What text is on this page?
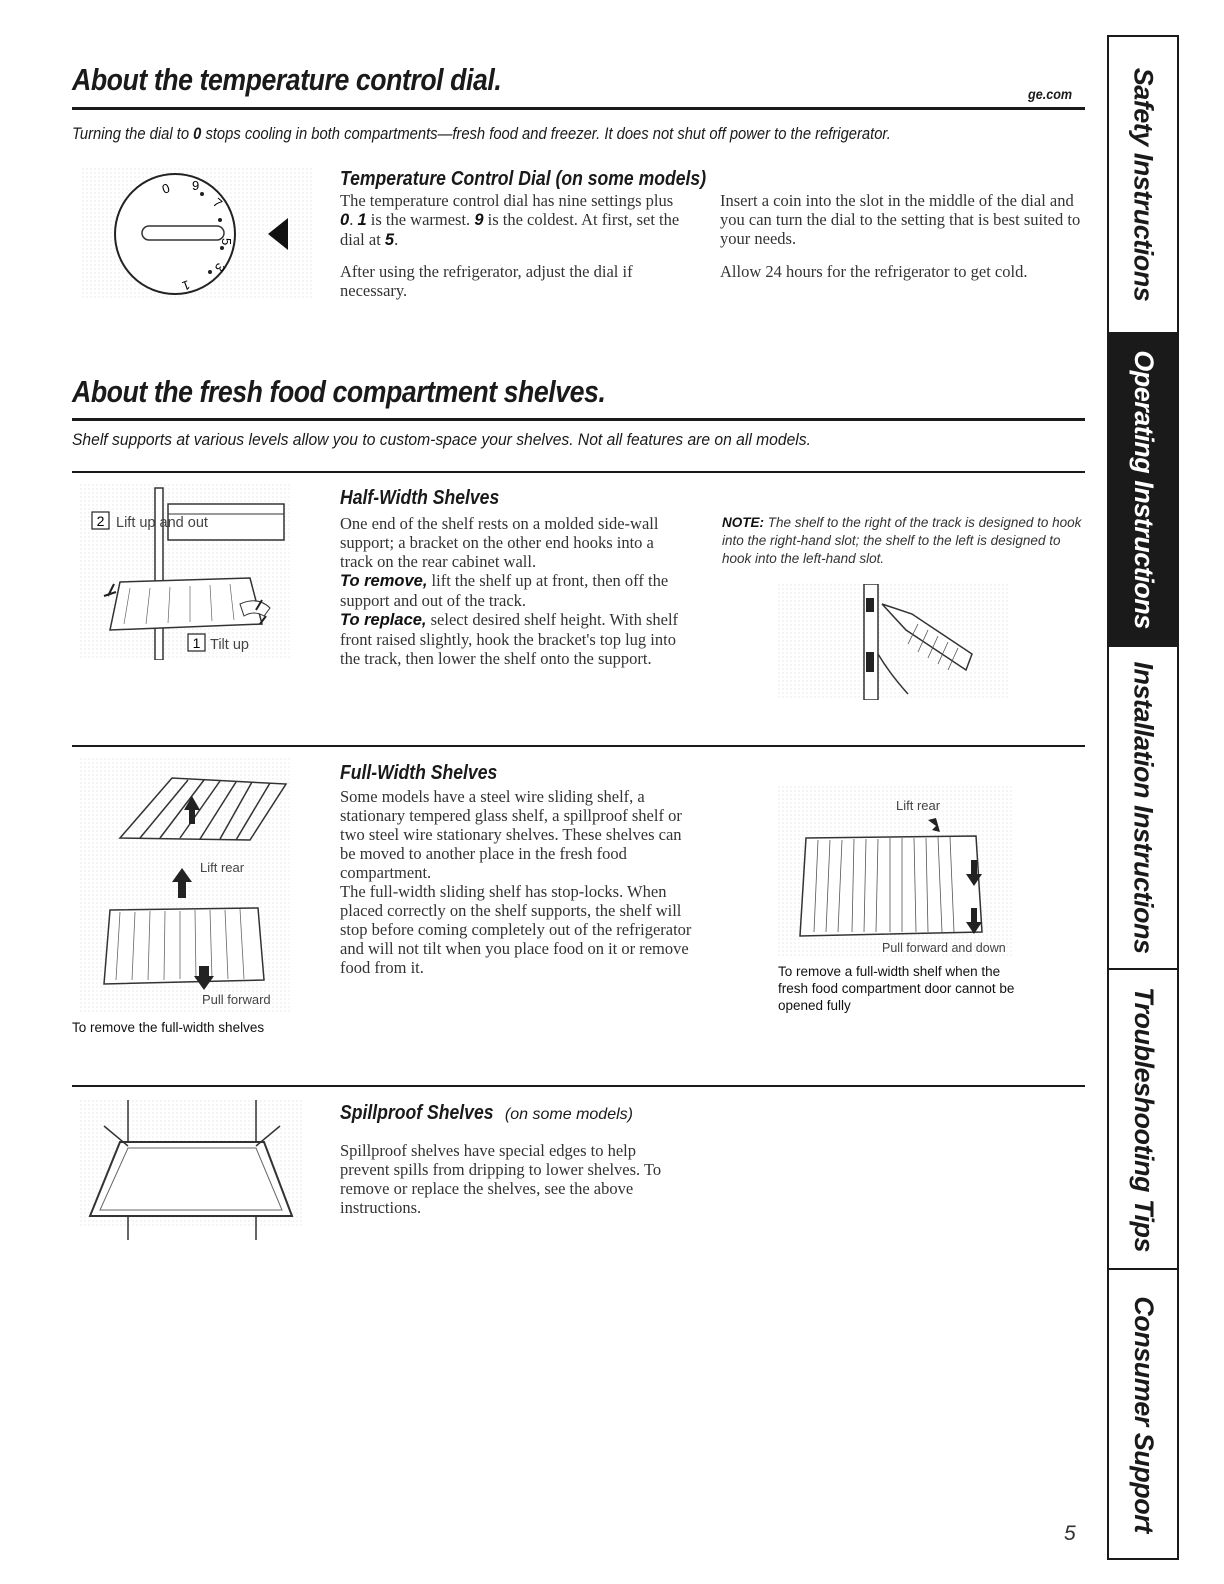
About the temperature control dial.	ge.com
Turning the dial to 0 stops cooling in both compartments—fresh food and freezer. It does not shut off power to the refrigerator.
0 9
7
5
3
1
Temperature Control Dial (on some models)
The temperature control dial has nine settings plus 0. 1 is the warmest. 9 is the coldest. At first, set the dial at 5.
After using the refrigerator, adjust the dial if necessary.
Insert a coin into the slot in the middle of the dial and you can turn the dial to the setting that is best suited to your needs.
Allow 24 hours for the refrigerator to get cold.
About the fresh food compartment shelves.
Shelf supports at various levels allow you to custom-space your shelves. Not all features are on all models.
2 Lift up and out
1 Tilt up
Half-Width Shelves
One end of the shelf rests on a molded side-wall support; a bracket on the other end hooks into a track on the rear cabinet wall.
To remove, lift the shelf up at front, then off the support and out of the track.
To replace, select desired shelf height. With shelf front raised slightly, hook the bracket's top lug into the track, then lower the shelf onto the support.
NOTE: The shelf to the right of the track is designed to hook into the right-hand slot; the shelf to the left is designed to hook into the left-hand slot.
Lift rear
Pull forward
To remove the full-width shelves
Full-Width Shelves
Some models have a steel wire sliding shelf, a stationary tempered glass shelf, a spillproof shelf or two steel wire stationary shelves. These shelves can be moved to another place in the fresh food compartment.
The full-width sliding shelf has stop-locks. When placed correctly on the shelf supports, the shelf will stop before coming completely out of the refrigerator and will not tilt when you place food on it or remove food from it.
Lift rear
Pull forward and down
To remove a full-width shelf when the fresh food compartment door cannot be opened fully
Spillproof Shelves (on some models)
Spillproof shelves have special edges to help prevent spills from dripping to lower shelves. To remove or replace the shelves, see the above instructions.
5
Safety Instructions
Operating Instructions
Installation Instructions
Troubleshooting Tips
Consumer Support
